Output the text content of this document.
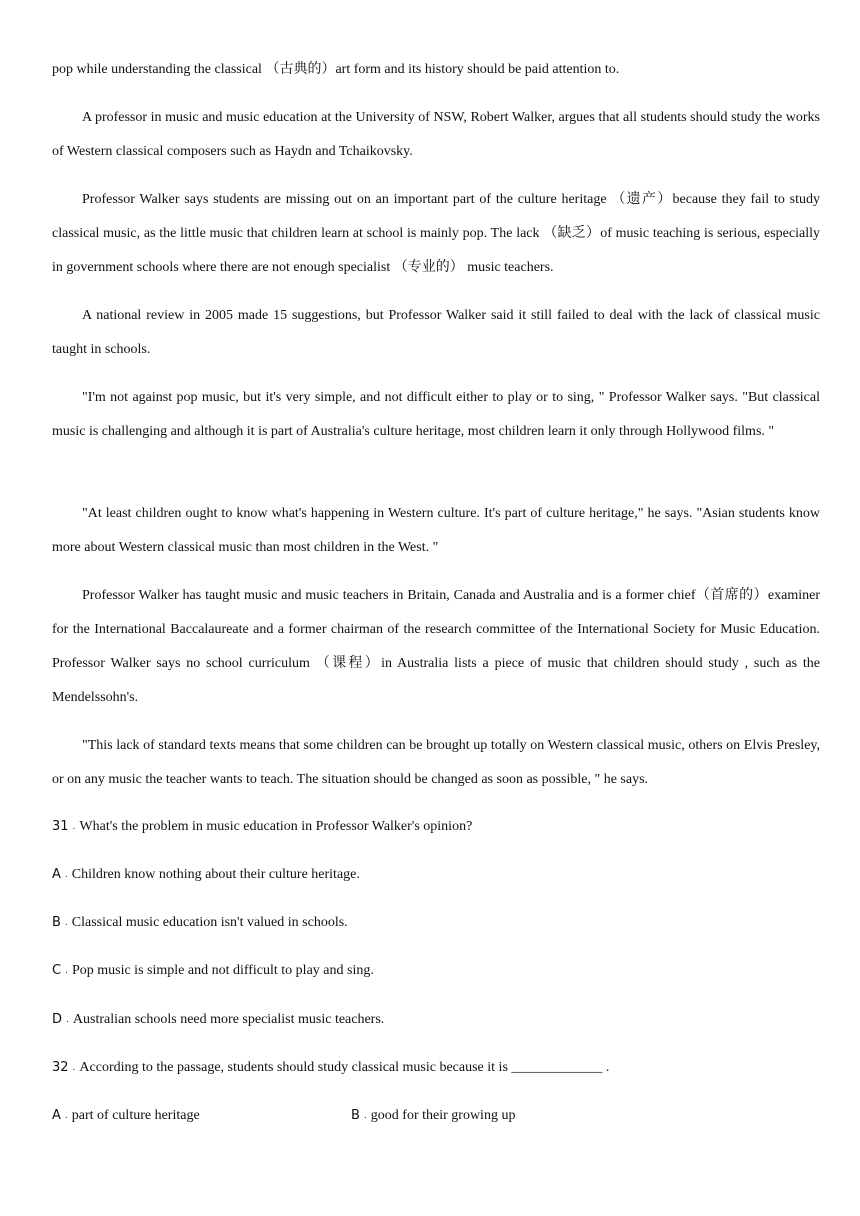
pop while understanding the classical （古典的）art form and its history should be paid attention to.

A professor in music and music education at the University of NSW, Robert Walker, argues that all students should study the works of Western classical composers such as Haydn and Tchaikovsky.

Professor Walker says students are missing out on an important part of the culture heritage （遗产）because they fail to study classical music, as the little music that children learn at school is mainly pop. The lack （缺乏）of music teaching is serious, especially in government schools where there are not enough specialist （专业的） music teachers.

A national review in 2005 made 15 suggestions, but Professor Walker said it still failed to deal with the lack of classical music taught in schools.

"I'm not against pop music, but it's very simple, and not difficult either to play or to sing, " Professor Walker says. "But classical music is challenging and although it is part of Australia's culture heritage, most children learn it only through Hollywood films. "

"At least children ought to know what's happening in Western culture. It's part of culture heritage," he says. "Asian students know more about Western classical music than most children in the West. "

Professor Walker has taught music and music teachers in Britain, Canada and Australia and is a former chief（首席的）examiner for the International Baccalaureate and a former chairman of the research committee of the International Society for Music Education. Professor Walker says no school curriculum （课程）in Australia lists a piece of music that children should study , such as the Mendelssohn's.

"This lack of standard texts means that some children can be brought up totally on Western classical music, others on Elvis Presley, or on any music the teacher wants to teach. The situation should be changed as soon as possible, " he says.

31 . What's the problem in music education in Professor Walker's opinion?

A . Children know nothing about their culture heritage.

B . Classical music education isn't valued in schools.

C . Pop music is simple and not difficult to play and sing.

D . Australian schools need more specialist music teachers.

32 . According to the passage, students should study classical music because it is _____________ .

A . part of culture heritage	B . good for their growing up
